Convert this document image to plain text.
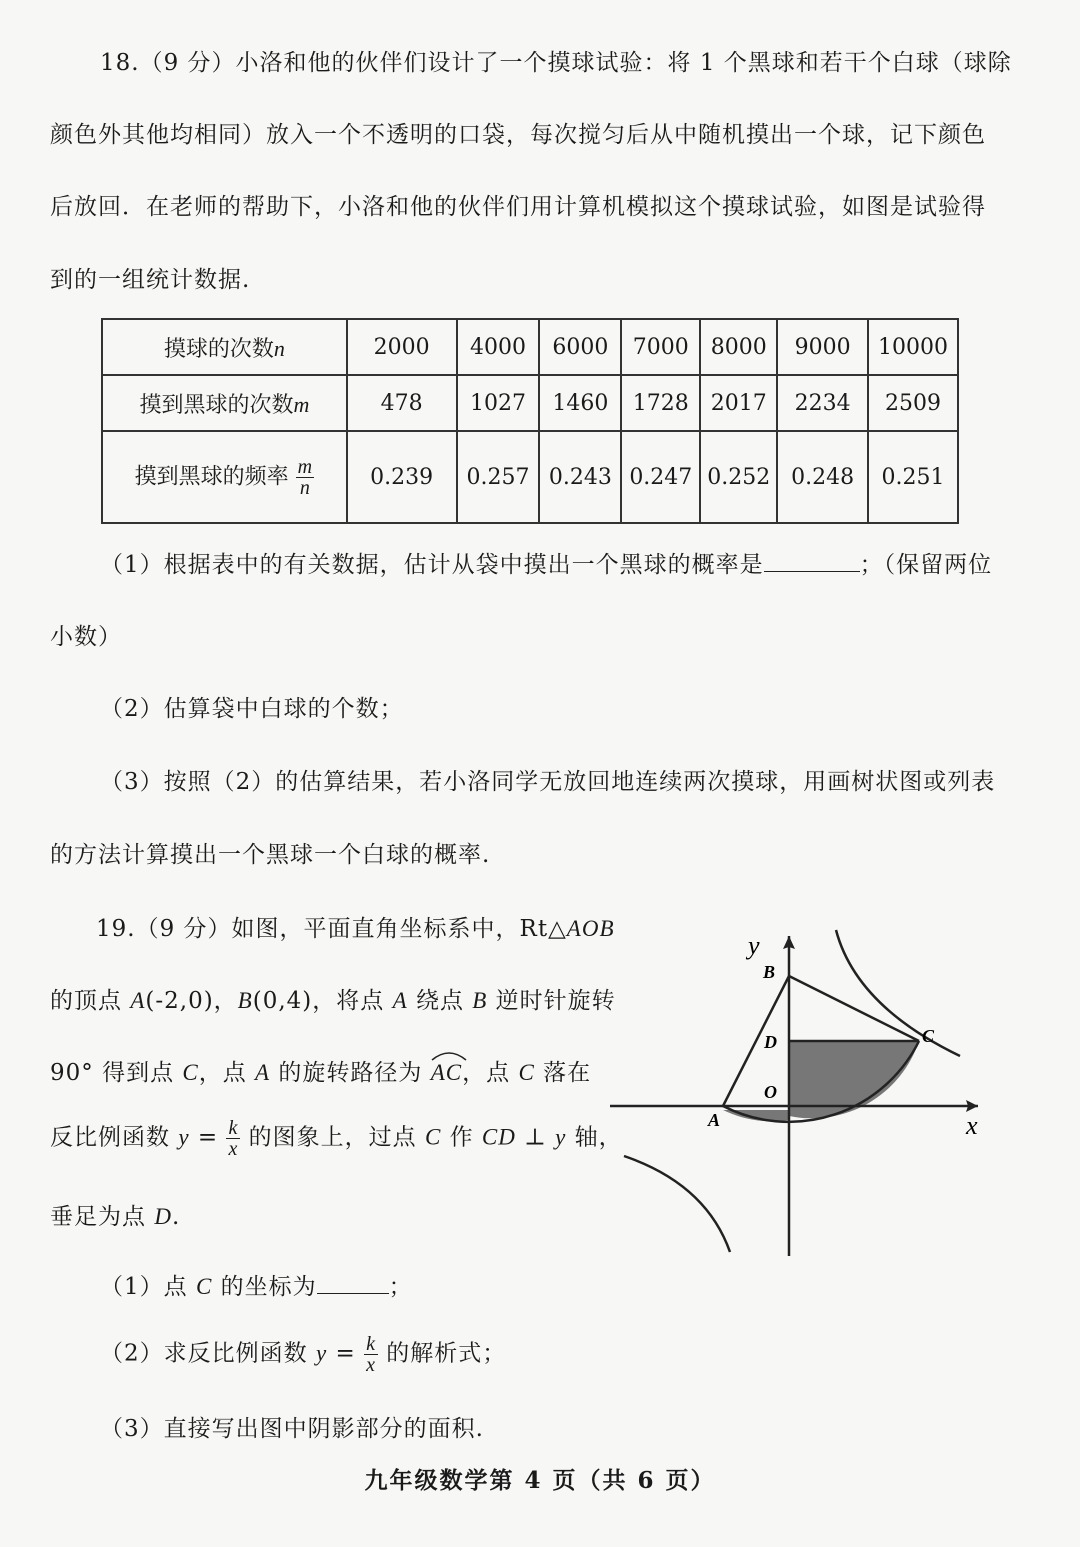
18.（9 分）小洛和他的伙伴们设计了一个摸球试验：将 1 个黑球和若干个白球（球除
颜色外其他均相同）放入一个不透明的口袋，每次搅匀后从中随机摸出一个球，记下颜色
后放回．在老师的帮助下，小洛和他的伙伴们用计算机模拟这个摸球试验，如图是试验得
到的一组统计数据.
摸球的次数n	2000	4000	6000	7000	8000	9000	10000
摸到黑球的次数m	478	1027	1460	1728	2017	2234	2509
摸到黑球的频率 $\frac{m}{n}$	0.239	0.257	0.243	0.247	0.252	0.248	0.251
（1）根据表中的有关数据，估计从袋中摸出一个黑球的概率是	；（保留两位
小数）
（2）估算袋中白球的个数；
（3）按照（2）的估算结果，若小洛同学无放回地连续两次摸球，用画树状图或列表
的方法计算摸出一个黑球一个白球的概率.
19.（9 分）如图，平面直角坐标系中，Rt△AOB
的顶点 A(-2,0)，B(0,4)，将点 A 绕点 B 逆时针旋转
90° 得到点 C，点 A 的旋转路径为
AC，点 C 落在
反比例函数 $y = \frac{k}{x}$ 的图象上，过点 C 作 CD ⊥ y 轴，
垂足为点 D.
（1）点 C 的坐标为	；
（2）求反比例函数 $y = \frac{k}{x}$ 的解析式；
（3）直接写出图中阴影部分的面积.
y
x
B
C
D
O
A
九年级数学第 4 页（共 6 页）
